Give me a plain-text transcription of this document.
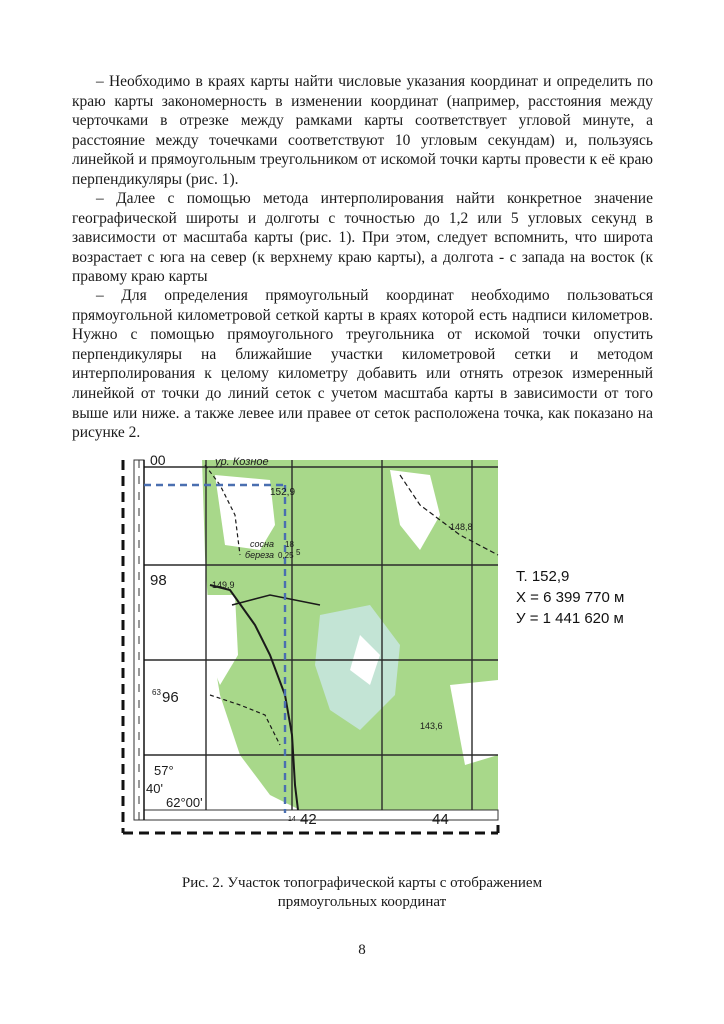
– Необходимо в краях карты найти числовые указания координат и определить по краю карты закономерность в изменении координат (например, расстояния между черточками в отрезке между рамками карты соответствует угловой минуте, а расстояние между точечками соответствуют 10 угловым секундам) и, пользуясь линейкой и прямоугольным треугольником от искомой точки карты провести к её краю перпендикуляры (рис. 1).

– Далее с помощью метода интерполирования найти конкретное значение географической широты и долготы с точностью до 1,2 или 5 угловых секунд в зависимости от масштаба карты (рис. 1). При этом, следует вспомнить, что широта возрастает с юга на север (к верхнему краю карты), а долгота - с запада на восток (к правому краю карты

– Для определения прямоугольный координат необходимо пользоваться прямоугольной километровой сеткой карты в краях которой есть надписи километров. Нужно с помощью прямоугольного треугольника от искомой точки опустить перпендикуляры на ближайшие участки километровой сетки и методом интерполирования к целому километру добавить или отнять отрезок измеренный линейкой от точки до линий сеток с учетом масштаба карты в зависимости от того выше или ниже. а также левее или правее от сеток расположена точка, как показано на рисунке 2.

00	ур. Козное
152,9
148,8
143,6
149,9
сосна
береза
18
0,25 5
98
63 96
57°
40'
62°00'
14 42	44
Т. 152,9
Х = 6 399 770 м
У = 1 441 620 м
Рис. 2. Участок топографической карты с отображением
прямоугольных координат
8
